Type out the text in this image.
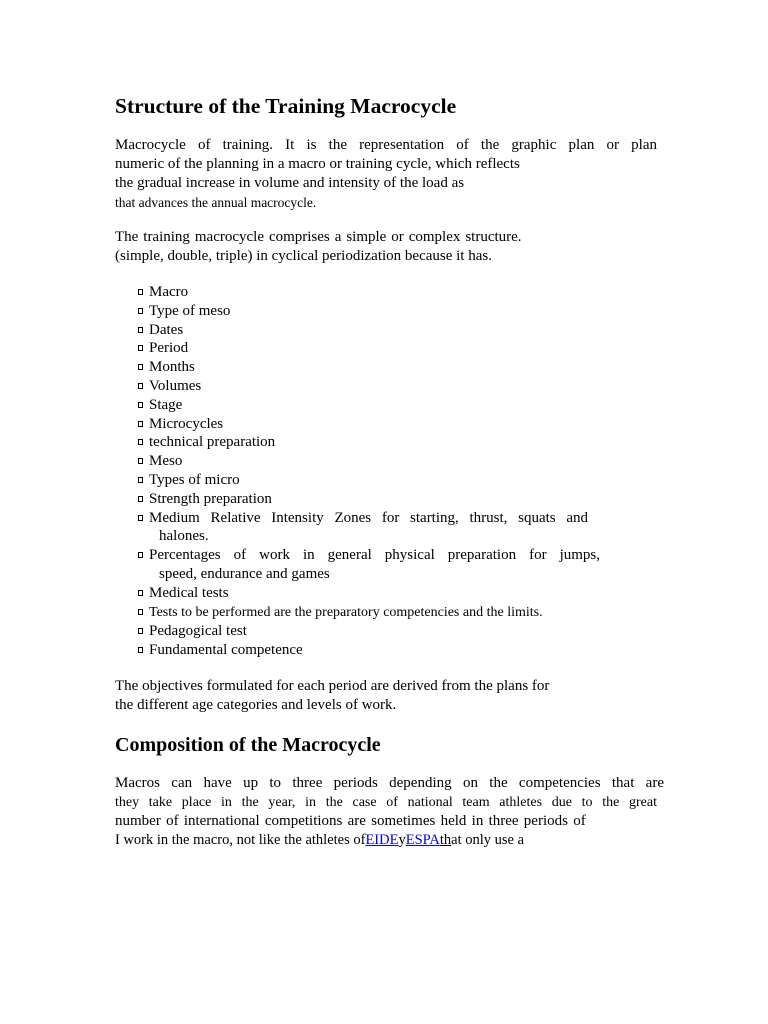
Structure of the Training Macrocycle
Macrocycle of training. It is the representation of the graphic plan or plan
numeric of the planning in a macro or training cycle, which reflects
the gradual increase in volume and intensity of the load as
that advances the annual macrocycle.
The training macrocycle comprises a simple or complex structure.
(simple, double, triple) in cyclical periodization because it has.
Macro
Type of meso
Dates
Period
Months
Volumes
Stage
Microcycles
technical preparation
Meso
Types of micro
Strength preparation
Medium Relative Intensity Zones for starting, thrust, squats and
halones.
Percentages of work in general physical preparation for jumps,
speed, endurance and games
Medical tests
Tests to be performed are the preparatory competencies and the limits.
Pedagogical test
Fundamental competence
The objectives formulated for each period are derived from the plans for
the different age categories and levels of work.
Composition of the Macrocycle
Macros can have up to three periods depending on the competencies that are
they take place in the year, in the case of national team athletes due to the great
number of international competitions are sometimes held in three periods of
I work in the macro, not like the athletes ofEIDEyESPAthat only use a
